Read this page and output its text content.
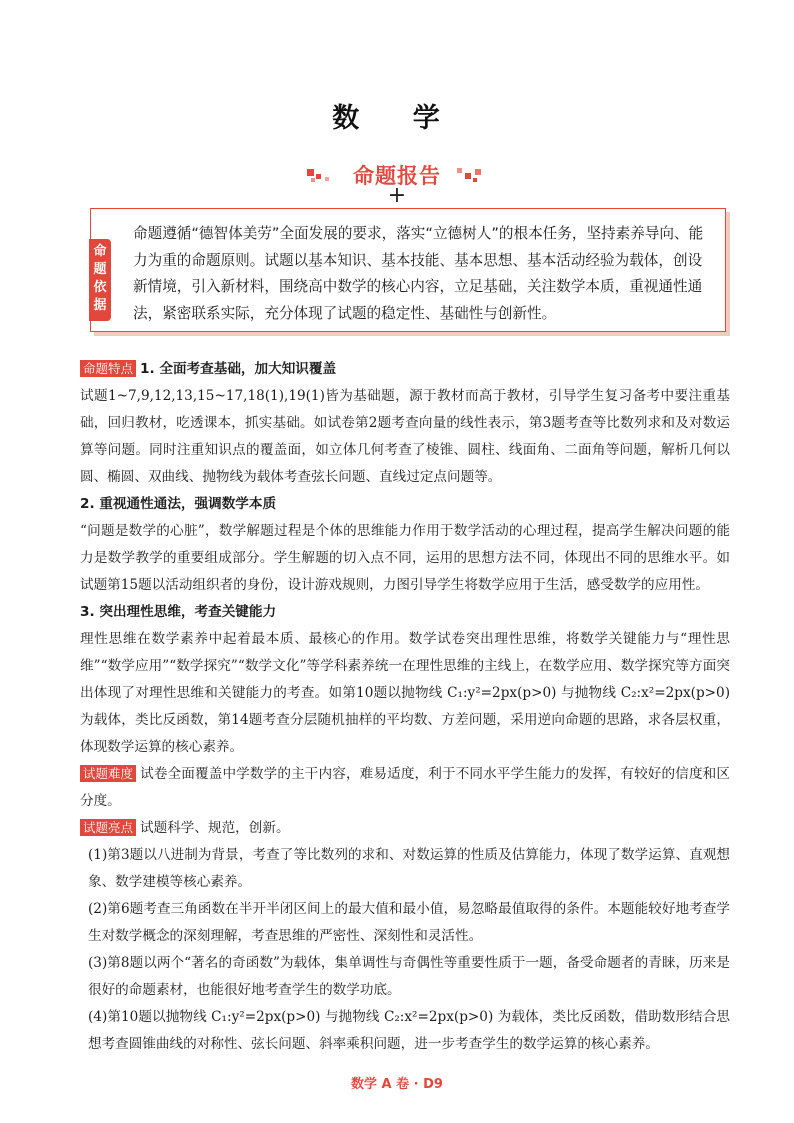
数 学
命题报告
+
命题依据
命题遵循“德智体美劳”全面发展的要求，落实“立德树人”的根本任务，坚持素养导向、能力为重的命题原则。试题以基本知识、基本技能、基本思想、基本活动经验为载体，创设新情境，引入新材料，围绕高中数学的核心内容，立足基础，关注数学本质，重视通性通法，紧密联系实际，充分体现了试题的稳定性、基础性与创新性。

命题特点 1. 全面考查基础，加大知识覆盖

试题1~7,9,12,13,15~17,18(1),19(1)皆为基础题，源于教材而高于教材，引导学生复习备考中要注重基础，回归教材，吃透课本，抓实基础。如试卷第2题考查向量的线性表示，第3题考查等比数列求和及对数运算等问题。同时注重知识点的覆盖面，如立体几何考查了棱锥、圆柱、线面角、二面角等问题，解析几何以圆、椭圆、双曲线、抛物线为载体考查弦长问题、直线过定点问题等。

2. 重视通性通法，强调数学本质

“问题是数学的心脏”，数学解题过程是个体的思维能力作用于数学活动的心理过程，提高学生解决问题的能力是数学教学的重要组成部分。学生解题的切入点不同，运用的思想方法不同，体现出不同的思维水平。如试题第15题以活动组织者的身份，设计游戏规则，力图引导学生将数学应用于生活，感受数学的应用性。

3. 突出理性思维，考查关键能力

理性思维在数学素养中起着最本质、最核心的作用。数学试卷突出理性思维，将数学关键能力与“理性思维”“数学应用”“数学探究”“数学文化”等学科素养统一在理性思维的主线上，在数学应用、数学探究等方面突出体现了对理性思维和关键能力的考查。如第10题以抛物线 C₁:y²=2px(p>0) 与抛物线 C₂:x²=2px(p>0) 为载体，类比反函数，第14题考查分层随机抽样的平均数、方差问题，采用逆向命题的思路，求各层权重，体现数学运算的核心素养。

试题难度 试卷全面覆盖中学数学的主干内容，难易适度，利于不同水平学生能力的发挥，有较好的信度和区分度。

试题亮点 试题科学、规范，创新。

(1)第3题以八进制为背景，考查了等比数列的求和、对数运算的性质及估算能力，体现了数学运算、直观想象、数学建模等核心素养。

(2)第6题考查三角函数在半开半闭区间上的最大值和最小值，易忽略最值取得的条件。本题能较好地考查学生对数学概念的深刻理解，考查思维的严密性、深刻性和灵活性。

(3)第8题以两个“著名的奇函数”为载体，集单调性与奇偶性等重要性质于一题，备受命题者的青睐，历来是很好的命题素材，也能很好地考查学生的数学功底。

(4)第10题以抛物线 C₁:y²=2px(p>0) 与抛物线 C₂:x²=2px(p>0) 为载体，类比反函数，借助数形结合思想考查圆锥曲线的对称性、弦长问题、斜率乘积问题，进一步考查学生的数学运算的核心素养。

数学 A 卷 · D9
